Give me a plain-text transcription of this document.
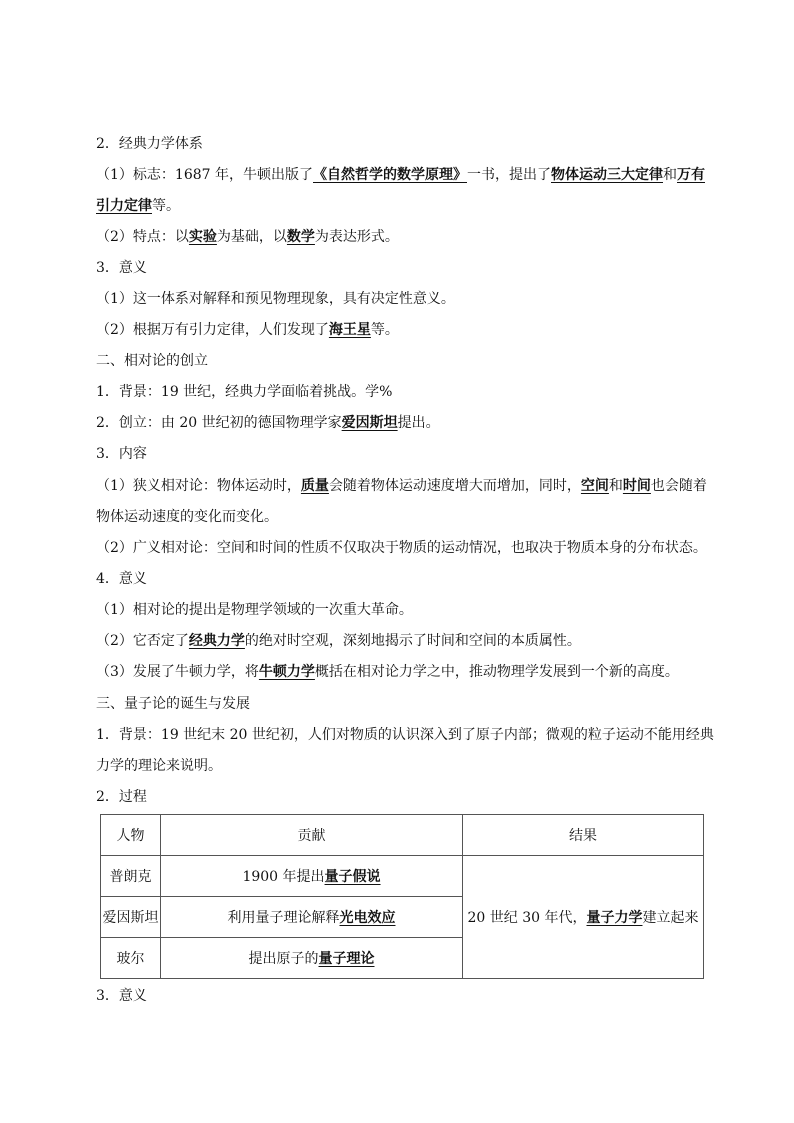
2．经典力学体系
（1）标志：1687 年，牛顿出版了《自然哲学的数学原理》一书，提出了物体运动三大定律和万有
引力定律等。
（2）特点：以实验为基础，以数学为表达形式。
3．意义
（1）这一体系对解释和预见物理现象，具有决定性意义。
（2）根据万有引力定律，人们发现了海王星等。
二、相对论的创立
1．背景：19 世纪，经典力学面临着挑战。学%
2．创立：由 20 世纪初的德国物理学家爱因斯坦提出。
3．内容
（1）狭义相对论：物体运动时，质量会随着物体运动速度增大而增加，同时，空间和时间也会随着
物体运动速度的变化而变化。
（2）广义相对论：空间和时间的性质不仅取决于物质的运动情况，也取决于物质本身的分布状态。
4．意义
（1）相对论的提出是物理学领域的一次重大革命。
（2）它否定了经典力学的绝对时空观，深刻地揭示了时间和空间的本质属性。
（3）发展了牛顿力学，将牛顿力学概括在相对论力学之中，推动物理学发展到一个新的高度。
三、量子论的诞生与发展
1．背景：19 世纪末 20 世纪初，人们对物质的认识深入到了原子内部；微观的粒子运动不能用经典
力学的理论来说明。
2．过程
人物	贡献	结果
普朗克	1900 年提出量子假说	20 世纪 30 年代，量子力学建立起来
爱因斯坦	利用量子理论解释光电效应	
玻尔	提出原子的量子理论	
3．意义
